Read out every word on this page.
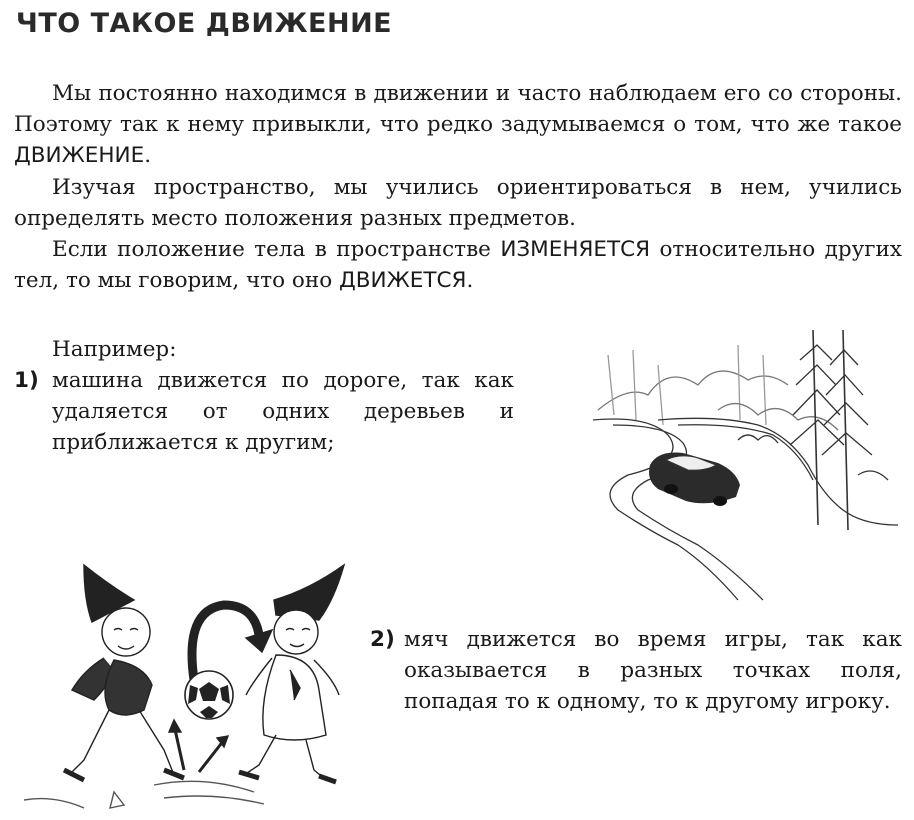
ЧТО ТАКОЕ ДВИЖЕНИЕ

Мы постоянно находимся в движении и часто наблюдаем его со стороны. Поэтому так к нему привыкли, что редко задумываемся о том, что же такое ДВИЖЕНИЕ.

Изучая пространство, мы учились ориентироваться в нем, учились определять место положения разных предметов.

Если положение тела в пространстве ИЗМЕНЯЕТСЯ относительно других тел, то мы говорим, что оно ДВИЖЕТСЯ.

Например:
1) машина движется по дороге, так как удаляется от одних деревьев и приближается к другим;
2) мяч движется во время игры, так как оказывается в разных точках поля, попадая то к одному, то к другому игроку.
